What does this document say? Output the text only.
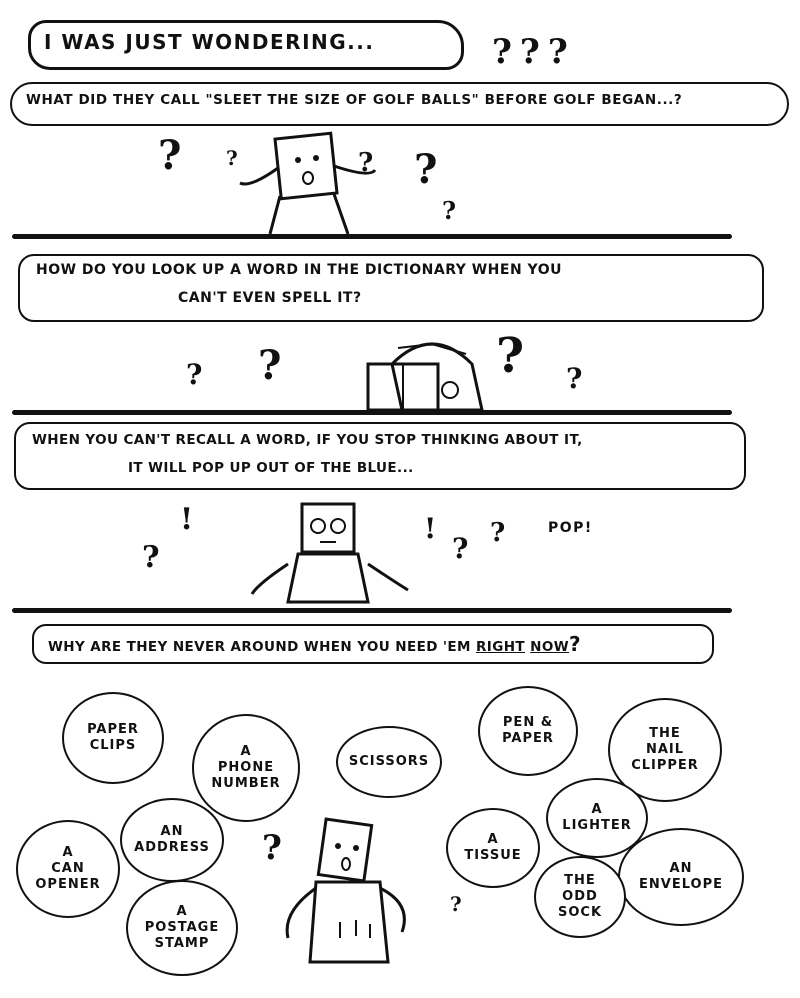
I WAS JUST WONDERING...	???
WHAT DID THEY CALL "SLEET THE SIZE OF GOLF BALLS" BEFORE GOLF BEGAN...?
? ?	? ?
?
HOW DO YOU LOOK UP A WORD IN THE DICTIONARY WHEN YOU
CAN'T EVEN SPELL IT?
? ?	? ?
WHEN YOU CAN'T RECALL A WORD, IF YOU STOP THINKING ABOUT IT,
IT WILL POP UP OUT OF THE BLUE...
!
?
!
? ?	POP!
WHY ARE THEY NEVER AROUND WHEN YOU NEED 'EM RIGHT NOW?
PAPER
CLIPS	A
PHONE
NUMBER
SCISSORS
PEN &
PAPER	THE
NAIL
CLIPPER
AN
ADDRESS
A
CAN
OPENER
A
TISSUE
A
LIGHTER
AN
ENVELOPE
A
POSTAGE
STAMP
THE
ODD
SOCK
?
?
